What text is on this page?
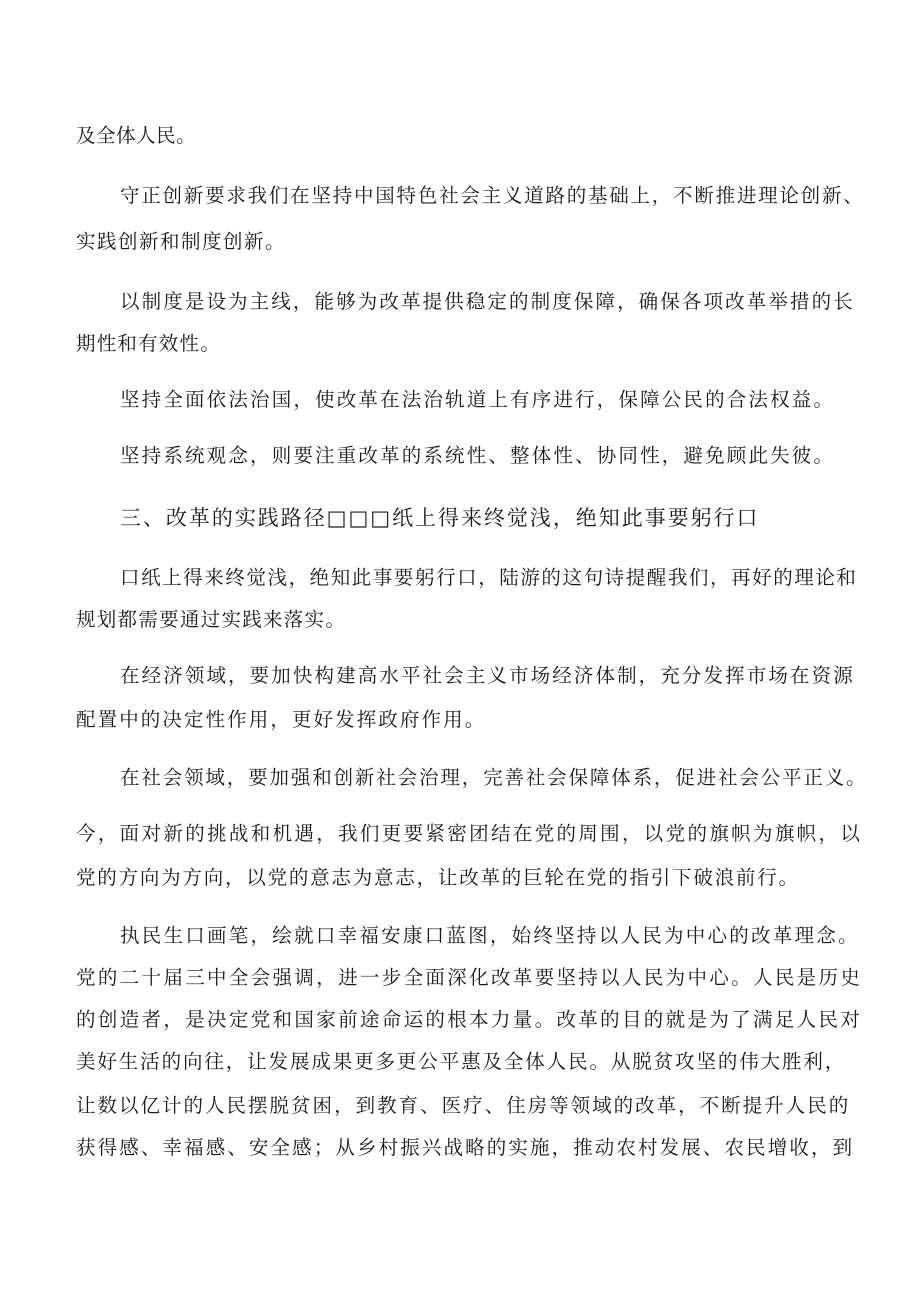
及全体人民。
守正创新要求我们在坚持中国特色社会主义道路的基础上，不断推进理论创新、
实践创新和制度创新。
以制度是设为主线，能够为改革提供稳定的制度保障，确保各项改革举措的长
期性和有效性。
坚持全面依法治国，使改革在法治轨道上有序进行，保障公民的合法权益。
坚持系统观念，则要注重改革的系统性、整体性、协同性，避免顾此失彼。
三、改革的实践路径□□□纸上得来终觉浅，绝知此事要躬行口
口纸上得来终觉浅，绝知此事要躬行口，陆游的这句诗提醒我们，再好的理论和
规划都需要通过实践来落实。
在经济领域，要加快构建高水平社会主义市场经济体制，充分发挥市场在资源
配置中的决定性作用，更好发挥政府作用。
在社会领域，要加强和创新社会治理，完善社会保障体系，促进社会公平正义。
今，面对新的挑战和机遇，我们更要紧密团结在党的周围，以党的旗帜为旗帜，以
党的方向为方向，以党的意志为意志，让改革的巨轮在党的指引下破浪前行。
执民生口画笔，绘就口幸福安康口蓝图，始终坚持以人民为中心的改革理念。
党的二十届三中全会强调，进一步全面深化改革要坚持以人民为中心。人民是历史
的创造者，是决定党和国家前途命运的根本力量。改革的目的就是为了满足人民对
美好生活的向往，让发展成果更多更公平惠及全体人民。从脱贫攻坚的伟大胜利，
让数以亿计的人民摆脱贫困，到教育、医疗、住房等领域的改革，不断提升人民的
获得感、幸福感、安全感；从乡村振兴战略的实施，推动农村发展、农民增收，到
